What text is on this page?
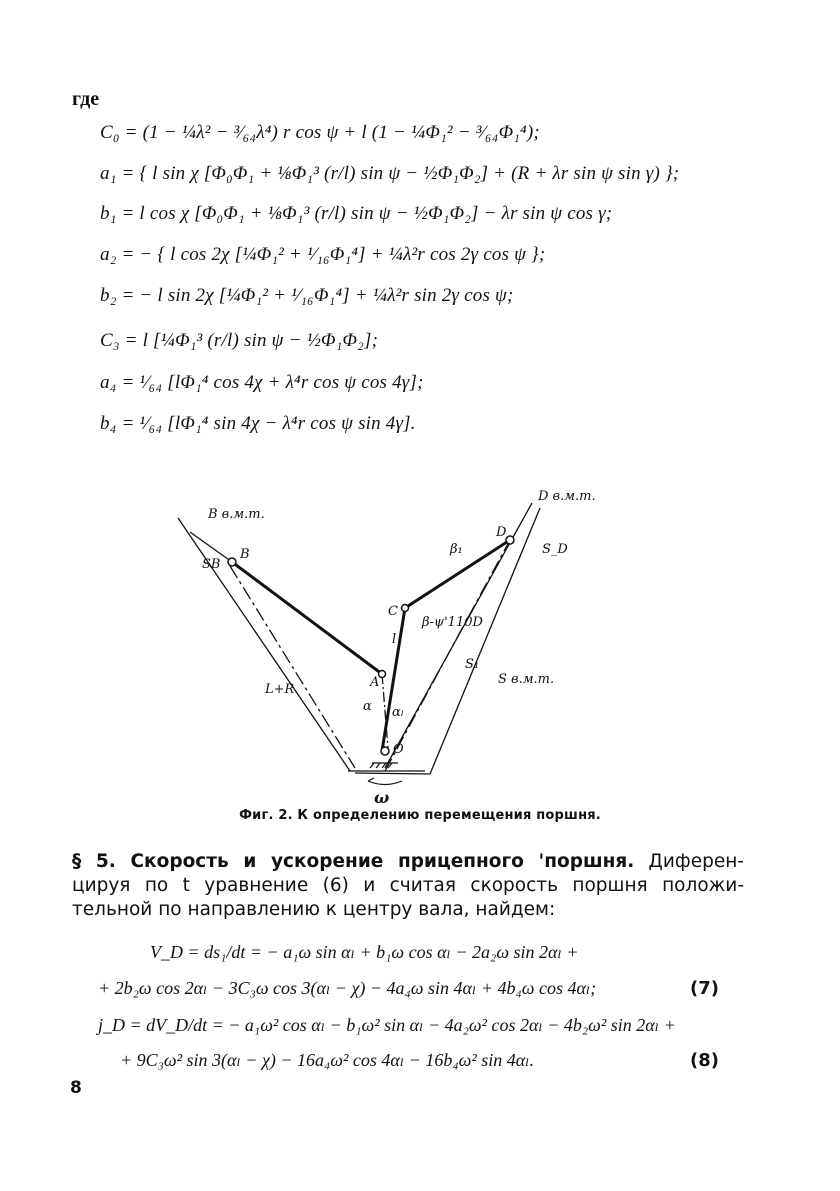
где
C₀ = (1 − ¼λ² − ³⁄₆₄λ⁴) r cos ψ + l (1 − ¼Φ₁² − ³⁄₆₄Φ₁⁴);
a₁ = { l sin χ [Φ₀Φ₁ + ⅛Φ₁³ (r/l) sin ψ − ½Φ₁Φ₂] + (R + λr sin ψ sin γ) };
b₁ = l cos χ [Φ₀Φ₁ + ⅛Φ₁³ (r/l) sin ψ − ½Φ₁Φ₂] − λr sin ψ cos γ;
a₂ = − { l cos 2χ [¼Φ₁² + ¹⁄₁₆Φ₁⁴] + ¼λ²r cos 2γ cos ψ };
b₂ = − l sin 2χ [¼Φ₁² + ¹⁄₁₆Φ₁⁴] + ¼λ²r sin 2γ cos ψ;
C₃ = l [¼Φ₁³ (r/l) sin ψ − ½Φ₁Φ₂];
a₄ = ¹⁄₆₄ [lΦ₁⁴ cos 4χ + λ⁴r cos ψ cos 4γ];
b₄ = ¹⁄₆₄ [lΦ₁⁴ sin 4χ − λ⁴r cos ψ sin 4γ].
B в.м.т.
D в.м.т.
SB
B
D
β₁	S_D
C
β-ψ'110D
l
S₁
S в.м.т.
L+R	A
α αₗ
O
ω
Фиг. 2. К определению перемещения поршня.
§ 5. Скорость и ускорение прицепного 'поршня. Диферен-
цируя по t уравнение (6) и считая скорость поршня положи-
тельной по направлению к центру вала, найдем:
V_D = ds₁/dt = − a₁ω sin αₗ + b₁ω cos αₗ − 2a₂ω sin 2αₗ +
+ 2b₂ω cos 2αₗ − 3C₃ω cos 3(αₗ − χ) − 4a₄ω sin 4αₗ + 4b₄ω cos 4αₗ;	(7)
j_D = dV_D/dt = − a₁ω² cos αₗ − b₁ω² sin αₗ − 4a₂ω² cos 2αₗ − 4b₂ω² sin 2αₗ +
+ 9C₃ω² sin 3(αₗ − χ) − 16a₄ω² cos 4αₗ − 16b₄ω² sin 4αₗ.	(8)
8
